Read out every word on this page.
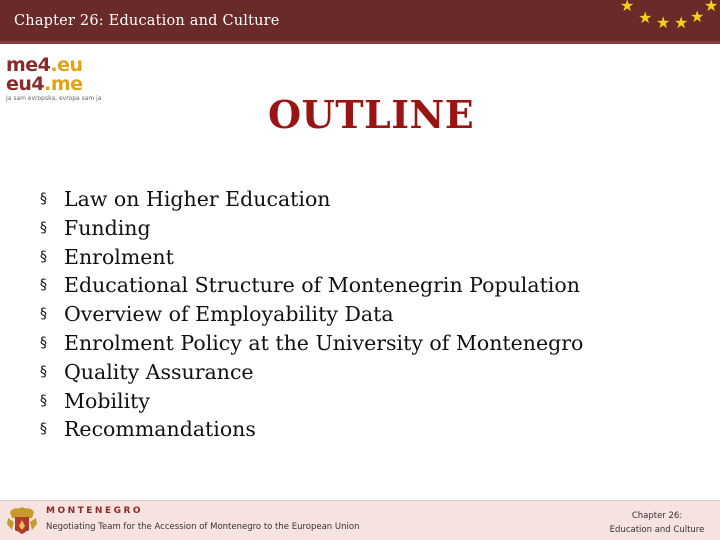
Chapter 26: Education and Culture
★
★ ★ ★ ★
★
me4.eu
eu4.me
Ja sam evropska, evropa sam ja	OUTLINE
§ Law on Higher Education
§ Funding
§ Enrolment
§ Educational Structure of Montenegrin Population
§ Overview of Employability Data
§ Enrolment Policy at the University of Montenegro
§ Quality Assurance
§ Mobility
§ Recommandations
MONTENEGRO
Negotiating Team for the Accession of Montenegro to the European Union
Chapter 26:
Education and Culture
